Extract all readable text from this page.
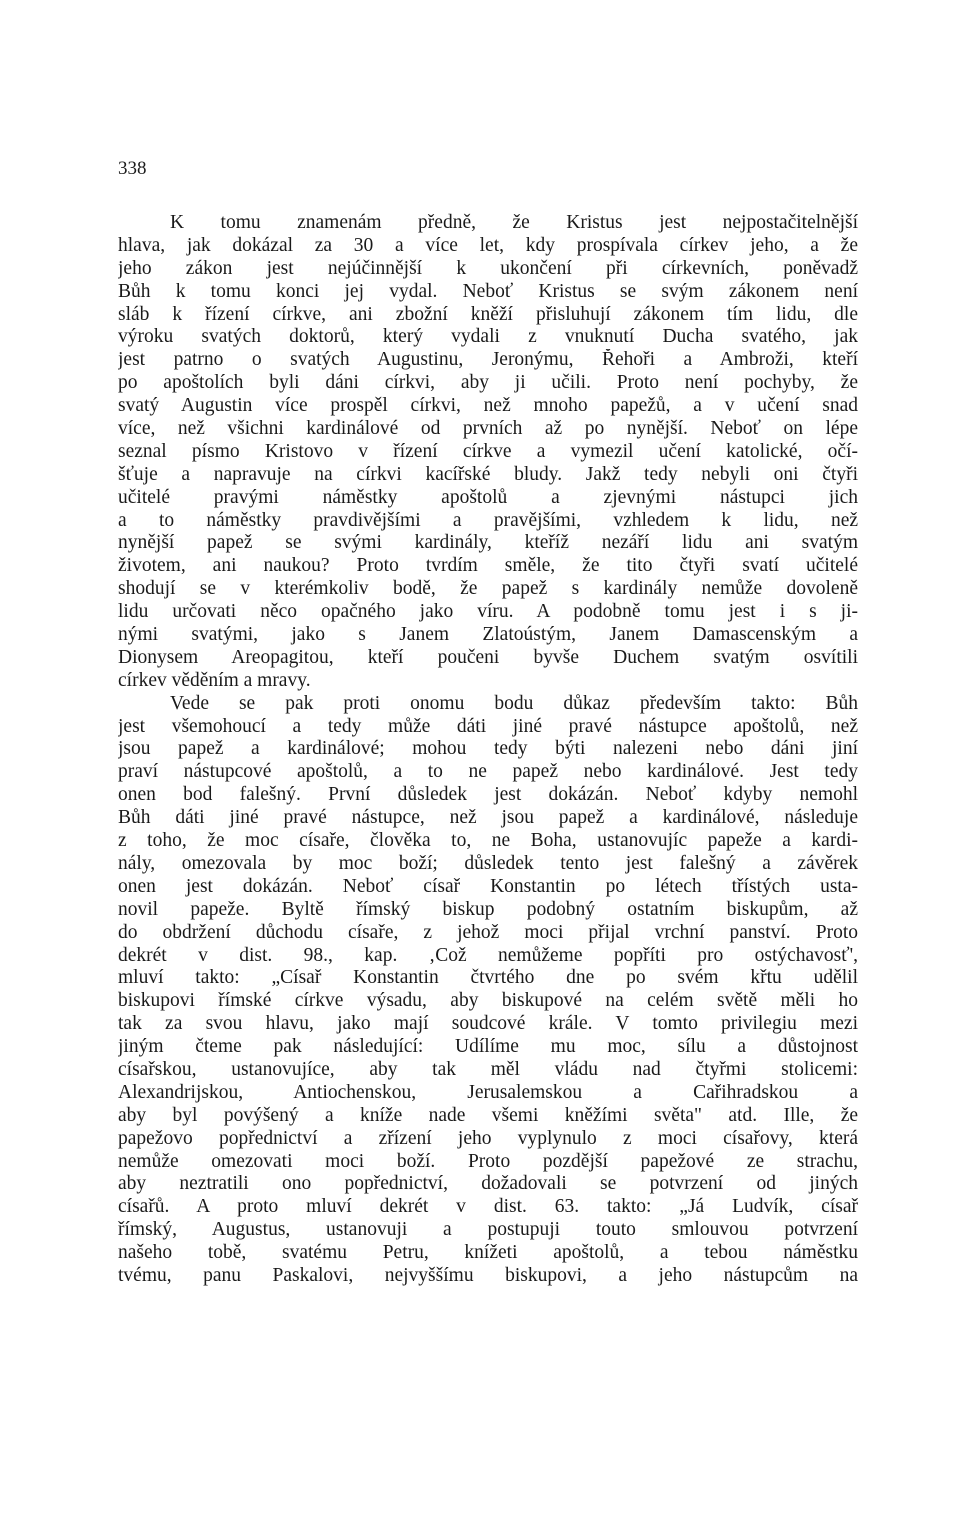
338
K tomu znamenám předně, že Kristus jest nejpostačitelnější
hlava, jak dokázal za 30 a více let, kdy prospívala církev jeho, a že
jeho zákon jest nejúčinnější k ukončení při církevních, poněvadž
Bůh k tomu konci jej vydal. Neboť Kristus se svým zákonem není
sláb k řízení církve, ani zbožní kněží přisluhují zákonem tím lidu, dle
výroku svatých doktorů, který vydali z vnuknutí Ducha svatého, jak
jest patrno o svatých Augustinu, Jeronýmu, Řehoři a Ambroži, kteří
po apoštolích byli dáni církvi, aby ji učili. Proto není pochyby, že
svatý Augustin více prospěl církvi, než mnoho papežů, a v učení snad
více, než všichni kardinálové od prvních až po nynější. Neboť on lépe
seznal písmo Kristovo v řízení církve a vymezil učení katolické, očí-
šťuje a napravuje na církvi kacířské bludy. Jakž tedy nebyli oni čtyři
učitelé pravými náměstky apoštolů a zjevnými nástupci jich
a to náměstky pravdivějšími a pravějšími, vzhledem k lidu, než
nynější papež se svými kardinály, kteříž nezáří lidu ani svatým
životem, ani naukou? Proto tvrdím směle, že tito čtyři svatí učitelé
shodují se v kterémkoliv bodě, že papež s kardinály nemůže dovoleně
lidu určovati něco opačného jako víru. A podobně tomu jest i s ji-
nými svatými, jako s Janem Zlatoústým, Janem Damascenským a
Dionysem Areopagitou, kteří poučeni byvše Duchem svatým osvítili
církev věděním a mravy.
Vede se pak proti onomu bodu důkaz především takto: Bůh
jest všemohoucí a tedy může dáti jiné pravé nástupce apoštolů, než
jsou papež a kardinálové; mohou tedy býti nalezeni nebo dáni jiní
praví nástupcové apoštolů, a to ne papež nebo kardinálové. Jest tedy
onen bod falešný. První důsledek jest dokázán. Neboť kdyby nemohl
Bůh dáti jiné pravé nástupce, než jsou papež a kardinálové, následuje
z toho, že moc císaře, člověka to, ne Boha, ustanovujíc papeže a kardi-
nály, omezovala by moc boží; důsledek tento jest falešný a závěrek
onen jest dokázán. Neboť císař Konstantin po létech třístých usta-
novil papeže. Byltě římský biskup podobný ostatním biskupům, až
do obdržení důchodu císaře, z jehož moci přijal vrchní panství. Proto
dekrét v dist. 98., kap. ‚Což nemůžeme popříti pro ostýchavosť',
mluví takto: „Císař Konstantin čtvrtého dne po svém křtu udělil
biskupovi římské církve výsadu, aby biskupové na celém světě měli ho
tak za svou hlavu, jako mají soudcové krále. V tomto privilegiu mezi
jiným čteme pak následující: Udílíme mu moc, sílu a důstojnost
císařskou, ustanovujíce, aby tak měl vládu nad čtyřmi stolicemi:
Alexandrijskou, Antiochenskou, Jerusalemskou a Cařihradskou a
aby byl povýšený a kníže nade všemi kněžími světa" atd. Ille, že
papežovo popřednictví a zřízení jeho vyplynulo z moci císařovy, která
nemůže omezovati moci boží. Proto pozdější papežové ze strachu,
aby neztratili ono popřednictví, dožadovali se potvrzení od jiných
císařů. A proto mluví dekrét v dist. 63. takto: „Já Ludvík, císař
římský, Augustus, ustanovuji a postupuji touto smlouvou potvrzení
našeho tobě, svatému Petru, knížeti apoštolů, a tebou náměstku
tvému, panu Paskalovi, nejvyššímu biskupovi, a jeho nástupcům na
